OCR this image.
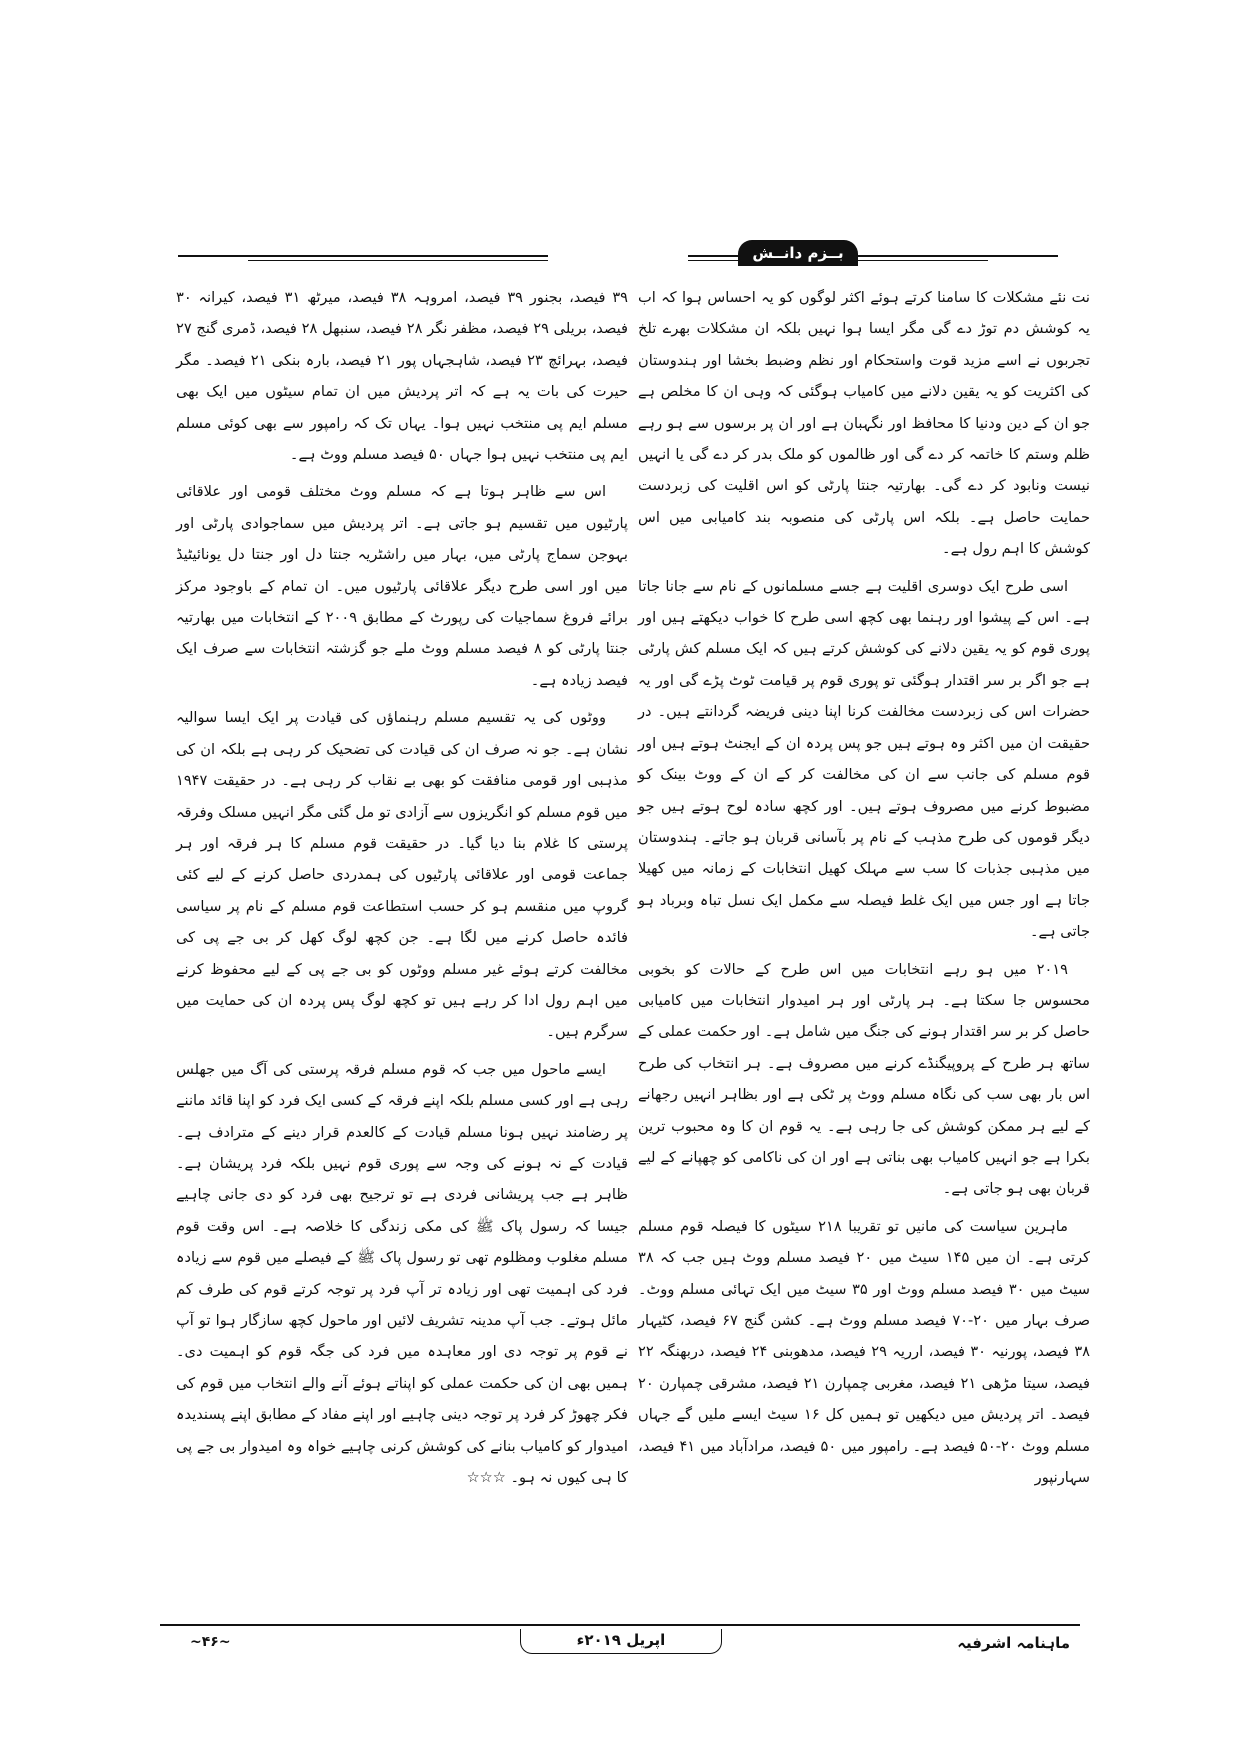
بــزم دانــش

نت نئے مشکلات کا سامنا کرتے ہوئے اکثر لوگوں کو یہ احساس ہوا کہ اب یہ کوشش دم توڑ دے گی مگر ایسا ہوا نہیں بلکہ ان مشکلات بھرے تلخ تجربوں نے اسے مزید قوت واستحکام اور نظم وضبط بخشا اور ہندوستان کی اکثریت کو یہ یقین دلانے میں کامیاب ہوگئی کہ وہی ان کا مخلص ہے جو ان کے دین ودنیا کا محافظ اور نگہبان ہے اور ان پر برسوں سے ہو رہے ظلم وستم کا خاتمہ کر دے گی اور ظالموں کو ملک بدر کر دے گی یا انہیں نیست ونابود کر دے گی۔ بھارتیہ جنتا پارٹی کو اس اقلیت کی زبردست حمایت حاصل ہے۔ بلکہ اس پارٹی کی منصوبہ بند کامیابی میں اس کوشش کا اہم رول ہے۔

اسی طرح ایک دوسری اقلیت ہے جسے مسلمانوں کے نام سے جانا جاتا ہے۔ اس کے پیشوا اور رہنما بھی کچھ اسی طرح کا خواب دیکھتے ہیں اور پوری قوم کو یہ یقین دلانے کی کوشش کرتے ہیں کہ ایک مسلم کش پارٹی ہے جو اگر بر سر اقتدار ہوگئی تو پوری قوم پر قیامت ٹوٹ پڑے گی اور یہ حضرات اس کی زبردست مخالفت کرنا اپنا دینی فریضہ گردانتے ہیں۔ در حقیقت ان میں اکثر وہ ہوتے ہیں جو پس پردہ ان کے ایجنٹ ہوتے ہیں اور قوم مسلم کی جانب سے ان کی مخالفت کر کے ان کے ووٹ بینک کو مضبوط کرنے میں مصروف ہوتے ہیں۔ اور کچھ سادہ لوح ہوتے ہیں جو دیگر قوموں کی طرح مذہب کے نام پر بآسانی قربان ہو جاتے۔ ہندوستان میں مذہبی جذبات کا سب سے مہلک کھیل انتخابات کے زمانہ میں کھیلا جاتا ہے اور جس میں ایک غلط فیصلہ سے مکمل ایک نسل تباہ وبرباد ہو جاتی ہے۔

۲۰۱۹ میں ہو رہے انتخابات میں اس طرح کے حالات کو بخوبی محسوس جا سکتا ہے۔ ہر پارٹی اور ہر امیدوار انتخابات میں کامیابی حاصل کر بر سر اقتدار ہونے کی جنگ میں شامل ہے۔ اور حکمت عملی کے ساتھ ہر طرح کے پروپیگنڈے کرنے میں مصروف ہے۔ ہر انتخاب کی طرح اس بار بھی سب کی نگاہ مسلم ووٹ پر ٹکی ہے اور بظاہر انہیں رجھانے کے لیے ہر ممکن کوشش کی جا رہی ہے۔ یہ قوم ان کا وہ محبوب ترین بکرا ہے جو انہیں کامیاب بھی بناتی ہے اور ان کی ناکامی کو چھپانے کے لیے قربان بھی ہو جاتی ہے۔

ماہرین سیاست کی مانیں تو تقریبا ۲۱۸ سیٹوں کا فیصلہ قوم مسلم کرتی ہے۔ ان میں ۱۴۵ سیٹ میں ۲۰ فیصد مسلم ووٹ ہیں جب کہ ۳۸ سیٹ میں ۳۰ فیصد مسلم ووٹ اور ۳۵ سیٹ میں ایک تہائی مسلم ووٹ۔ صرف بہار میں ۲۰-۷۰ فیصد مسلم ووٹ ہے۔ کشن گنج ۶۷ فیصد، کٹیہار ۳۸ فیصد، پورنیہ ۳۰ فیصد، ارریہ ۲۹ فیصد، مدھوبنی ۲۴ فیصد، دربھنگہ ۲۲ فیصد، سیتا مڑھی ۲۱ فیصد، مغربی چمپارن ۲۱ فیصد، مشرقی چمپارن ۲۰ فیصد۔ اتر پردیش میں دیکھیں تو ہمیں کل ۱۶ سیٹ ایسے ملیں گے جہاں مسلم ووٹ ۲۰-۵۰ فیصد ہے۔ رامپور میں ۵۰ فیصد، مرادآباد میں ۴۱ فیصد، سہارنپور

۳۹ فیصد، بجنور ۳۹ فیصد، امروہہ ۳۸ فیصد، میرٹھ ۳۱ فیصد، کیرانہ ۳۰ فیصد، بریلی ۲۹ فیصد، مظفر نگر ۲۸ فیصد، سنبھل ۲۸ فیصد، ڈمری گنج ۲۷ فیصد، بہرائچ ۲۳ فیصد، شاہجہاں پور ۲۱ فیصد، بارہ بنکی ۲۱ فیصد۔ مگر حیرت کی بات یہ ہے کہ اتر پردیش میں ان تمام سیٹوں میں ایک بھی مسلم ایم پی منتخب نہیں ہوا۔ یہاں تک کہ رامپور سے بھی کوئی مسلم ایم پی منتخب نہیں ہوا جہاں ۵۰ فیصد مسلم ووٹ ہے۔

اس سے ظاہر ہوتا ہے کہ مسلم ووٹ مختلف قومی اور علاقائی پارٹیوں میں تقسیم ہو جاتی ہے۔ اتر پردیش میں سماجوادی پارٹی اور بہوجن سماج پارٹی میں، بہار میں راشٹریہ جنتا دل اور جنتا دل یونائیٹیڈ میں اور اسی طرح دیگر علاقائی پارٹیوں میں۔ ان تمام کے باوجود مرکز برائے فروغ سماجیات کی رپورٹ کے مطابق ۲۰۰۹ کے انتخابات میں بھارتیہ جنتا پارٹی کو ۸ فیصد مسلم ووٹ ملے جو گزشتہ انتخابات سے صرف ایک فیصد زیادہ ہے۔

ووٹوں کی یہ تقسیم مسلم رہنماؤں کی قیادت پر ایک ایسا سوالیہ نشان ہے۔ جو نہ صرف ان کی قیادت کی تضحیک کر رہی ہے بلکہ ان کی مذہبی اور قومی منافقت کو بھی بے نقاب کر رہی ہے۔ در حقیقت ۱۹۴۷ میں قوم مسلم کو انگریزوں سے آزادی تو مل گئی مگر انہیں مسلک وفرقہ پرستی کا غلام بنا دیا گیا۔ در حقیقت قوم مسلم کا ہر فرقہ اور ہر جماعت قومی اور علاقائی پارٹیوں کی ہمدردی حاصل کرنے کے لیے کئی گروپ میں منقسم ہو کر حسب استطاعت قوم مسلم کے نام پر سیاسی فائدہ حاصل کرنے میں لگا ہے۔ جن کچھ لوگ کھل کر بی جے پی کی مخالفت کرتے ہوئے غیر مسلم ووٹوں کو بی جے پی کے لیے محفوظ کرنے میں اہم رول ادا کر رہے ہیں تو کچھ لوگ پس پردہ ان کی حمایت میں سرگرم ہیں۔

ایسے ماحول میں جب کہ قوم مسلم فرقہ پرستی کی آگ میں جھلس رہی ہے اور کسی مسلم بلکہ اپنے فرقہ کے کسی ایک فرد کو اپنا قائد ماننے پر رضامند نہیں ہونا مسلم قیادت کے کالعدم قرار دینے کے مترادف ہے۔ قیادت کے نہ ہونے کی وجہ سے پوری قوم نہیں بلکہ فرد پریشان ہے۔ ظاہر ہے جب پریشانی فردی ہے تو ترجیح بھی فرد کو دی جانی چاہیے جیسا کہ رسول پاک ﷺ کی مکی زندگی کا خلاصہ ہے۔ اس وقت قوم مسلم مغلوب ومظلوم تھی تو رسول پاک ﷺ کے فیصلے میں قوم سے زیادہ فرد کی اہمیت تھی اور زیادہ تر آپ فرد پر توجہ کرتے قوم کی طرف کم مائل ہوتے۔ جب آپ مدینہ تشریف لائیں اور ماحول کچھ سازگار ہوا تو آپ نے قوم پر توجہ دی اور معاہدہ میں فرد کی جگہ قوم کو اہمیت دی۔ ہمیں بھی ان کی حکمت عملی کو اپناتے ہوئے آنے والے انتخاب میں قوم کی فکر چھوڑ کر فرد پر توجہ دینی چاہیے اور اپنے مفاد کے مطابق اپنے پسندیدہ امیدوار کو کامیاب بنانے کی کوشش کرنی چاہیے خواہ وہ امیدوار بی جے پی کا ہی کیوں نہ ہو۔ ☆☆☆

ماہنامہ اشرفیہ
اپریل ۲۰۱۹ء
~۴۶~
